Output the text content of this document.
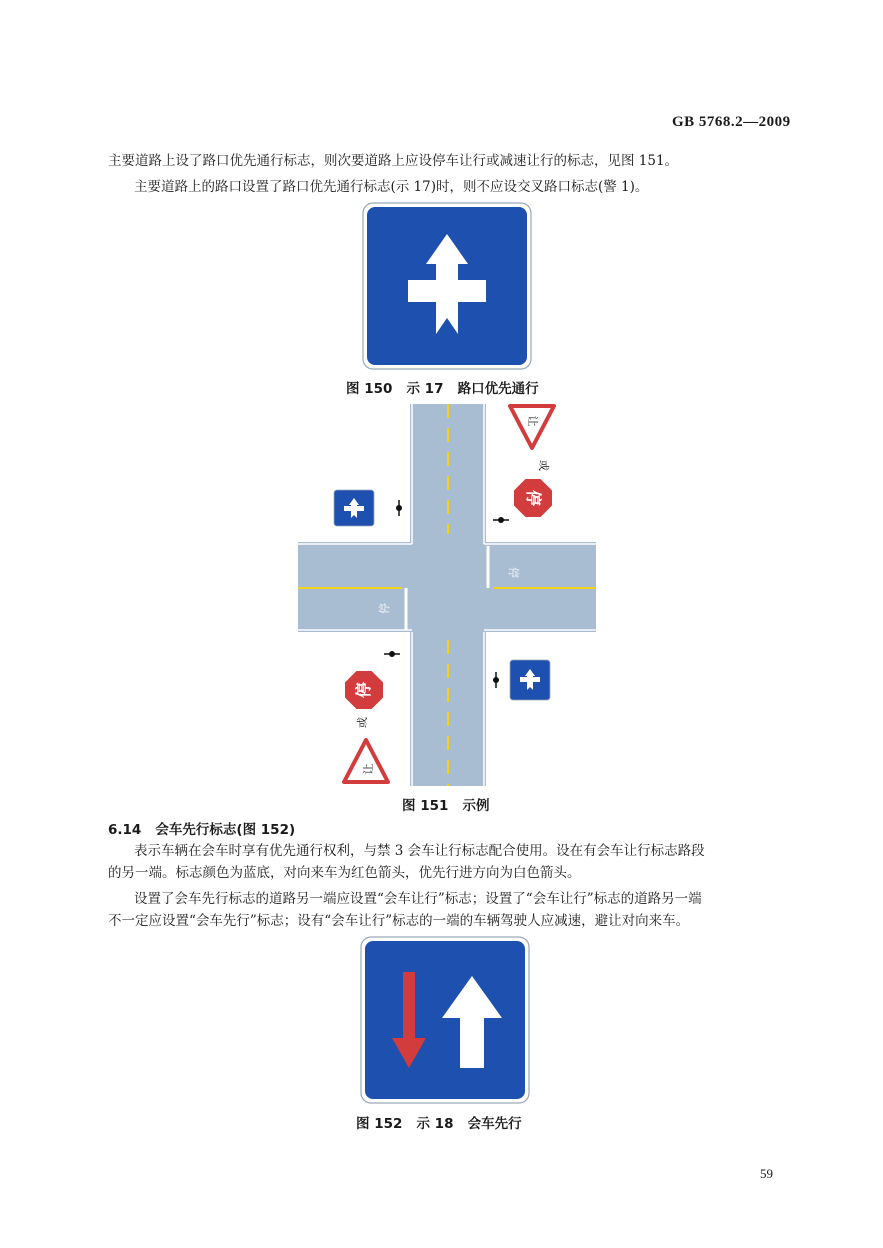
GB 5768.2—2009
主要道路上设了路口优先通行标志，则次要道路上应设停车让行或减速让行的标志，见图 151。
主要道路上的路口设置了路口优先通行标志(示 17)时，则不应设交叉路口标志(警 1)。
图 150   示 17   路口优先通行
停
停
让
或
停
停
或
让
图 151   示例
6.14   会车先行标志(图 152)
表示车辆在会车时享有优先通行权利，与禁 3 会车让行标志配合使用。设在有会车让行标志路段
的另一端。标志颜色为蓝底，对向来车为红色箭头，优先行进方向为白色箭头。
设置了会车先行标志的道路另一端应设置“会车让行”标志；设置了“会车让行”标志的道路另一端
不一定应设置“会车先行”标志；设有“会车让行”标志的一端的车辆驾驶人应减速，避让对向来车。
图 152   示 18   会车先行
59
